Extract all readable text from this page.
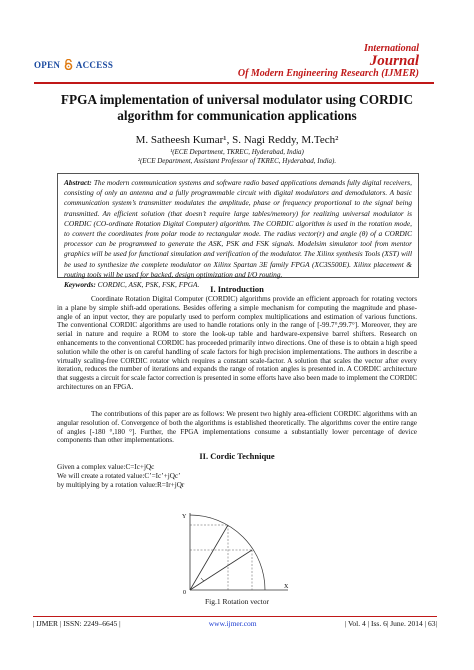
OPEN ACCESS
International
Journal
Of Modern Engineering Research (IJMER)
FPGA implementation of universal modulator using CORDIC algorithm for communication applications
M. Satheesh Kumar¹, S. Nagi Reddy, M.Tech²
¹(ECE Department, TKREC, Hyderabad, India)
²(ECE Department, Assistant Professor of TKREC, Hyderabad, India).
Abstract: The modern communication systems and software radio based applications demands fully digital receivers, consisting of only an antenna and a fully programmable circuit with digital modulators and demodulators. A basic communication system’s transmitter modulates the amplitude, phase or frequency proportional to the signal being transmitted. An efficient solution (that doesn’t require large tables/memory) for realizing universal modulator is CORDIC (CO-ordinate Rotation Digital Computer) algorithm. The CORDIC algorithm is used in the rotation mode, to convert the coordinates from polar mode to rectangular mode. The radius vector(r) and angle (θ) of a CORDIC processor can be programmed to generate the ASK, PSK and FSK signals. Modelsim simulator tool from mentor graphics will be used for functional simulation and verification of the modulator. The Xilinx synthesis Tools (XST) will be used to synthesize the complete modulator on Xilinx Spartan 3E family FPGA (XC3S500E). Xilinx placement & routing tools will be used for backed, design optimization and I/O routing.
Keywords: CORDIC, ASK, PSK, FSK, FPGA.	I. Introduction
Coordinate Rotation Digital Computer (CORDIC) algorithms provide an efficient approach for rotating vectors in a plane by simple shift-add operations. Besides offering a simple mechanism for computing the magnitude and phase-angle of an input vector, they are popularly used to perform complex multiplications and estimation of various functions. The conventional CORDIC algorithms are used to handle rotations only in the range of [-99.7°,99.7°]. Moreover, they are serial in nature and require a ROM to store the look-up table and hardware-expensive barrel shifters. Research on enhancements to the conventional CORDIC has proceeded primarily intwo directions. One of these is to obtain a high speed solution while the other is on careful handling of scale factors for high precision implementations. The authors in describe a virtually scaling-free CORDIC rotator which requires a constant scale-factor. A solution that scales the vector after every iteration, reduces the number of iterations and expands the range of rotation angles is presented in. A CORDIC architecture that suggests a circuit for scale factor correction is presented in some efforts have also been made to implement the CORDIC architectures on an FPGA.
The contributions of this paper are as follows: We present two highly area-efficient CORDIC algorithms with an angular resolution of. Convergence of both the algorithms is established theoretically. The algorithms cover the entire range of angles [-180 °,180 °]. Further, the FPGA implementations consume a substantially lower percentage of device components than other implementations.
II. Cordic Technique
Given a complex value:C=Ic+jQc
We will create a rotated value:C’=Ic’+jQc’
by multiplying by a rotation value:R=Ir+jQr
0
X
Y
Fig.1 Rotation vector
| IJMER | ISSN: 2249–6645 |	www.ijmer.com	| Vol. 4 | Iss. 6| June. 2014 | 63|
